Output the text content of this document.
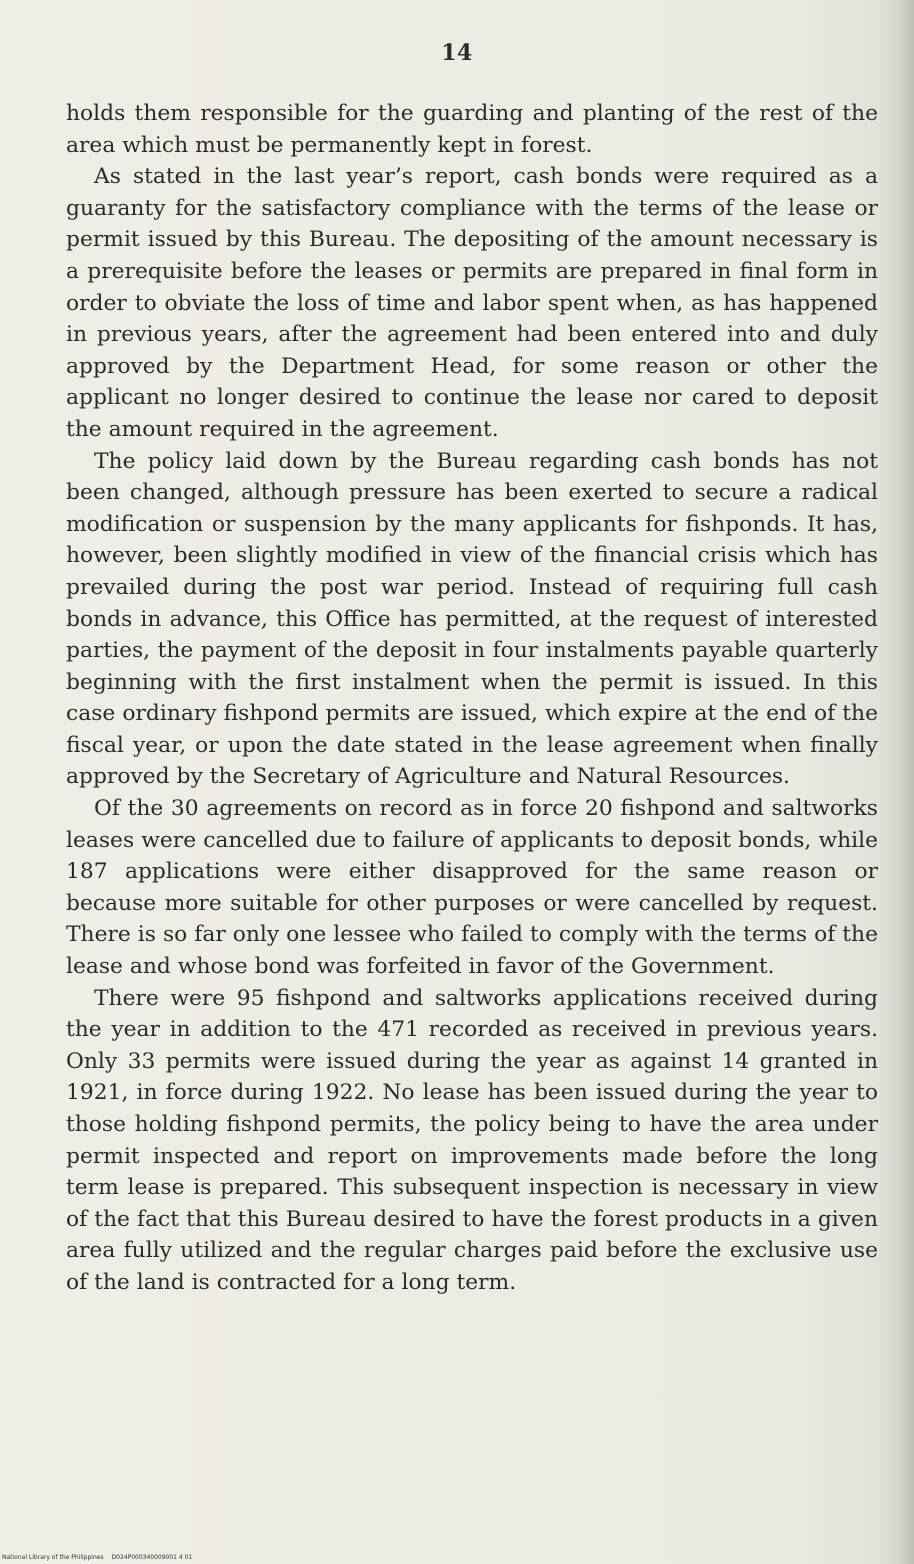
14

holds them responsible for the guarding and planting of the rest of the area which must be permanently kept in forest.

As stated in the last year’s report, cash bonds were required as a guaranty for the satisfactory compliance with the terms of the lease or permit issued by this Bureau. The depositing of the amount necessary is a prerequisite before the leases or permits are prepared in final form in order to obviate the loss of time and labor spent when, as has happened in previous years, after the agreement had been entered into and duly approved by the Department Head, for some reason or other the applicant no longer desired to continue the lease nor cared to deposit the amount required in the agreement.

The policy laid down by the Bureau regarding cash bonds has not been changed, although pressure has been exerted to secure a radical modification or suspension by the many applicants for fishponds. It has, however, been slightly modified in view of the financial crisis which has prevailed during the post war period. Instead of requiring full cash bonds in advance, this Office has permitted, at the request of interested parties, the payment of the deposit in four instalments payable quarterly beginning with the first instalment when the permit is issued. In this case ordinary fishpond permits are issued, which expire at the end of the fiscal year, or upon the date stated in the lease agreement when finally approved by the Secretary of Agriculture and Natural Resources.

Of the 30 agreements on record as in force 20 fishpond and saltworks leases were cancelled due to failure of applicants to deposit bonds, while 187 applications were either disapproved for the same reason or because more suitable for other purposes or were cancelled by request. There is so far only one lessee who failed to comply with the terms of the lease and whose bond was forfeited in favor of the Government.

There were 95 fishpond and saltworks applications received during the year in addition to the 471 recorded as received in previous years. Only 33 permits were issued during the year as against 14 granted in 1921, in force during 1922. No lease has been issued during the year to those holding fishpond permits, the policy being to have the area under permit inspected and report on improvements made before the long term lease is prepared. This subsequent inspection is necessary in view of the fact that this Bureau desired to have the forest products in a given area fully utilized and the regular charges paid before the exclusive use of the land is contracted for a long term.

National Library of the Philippines D024P000340009001 4 01
